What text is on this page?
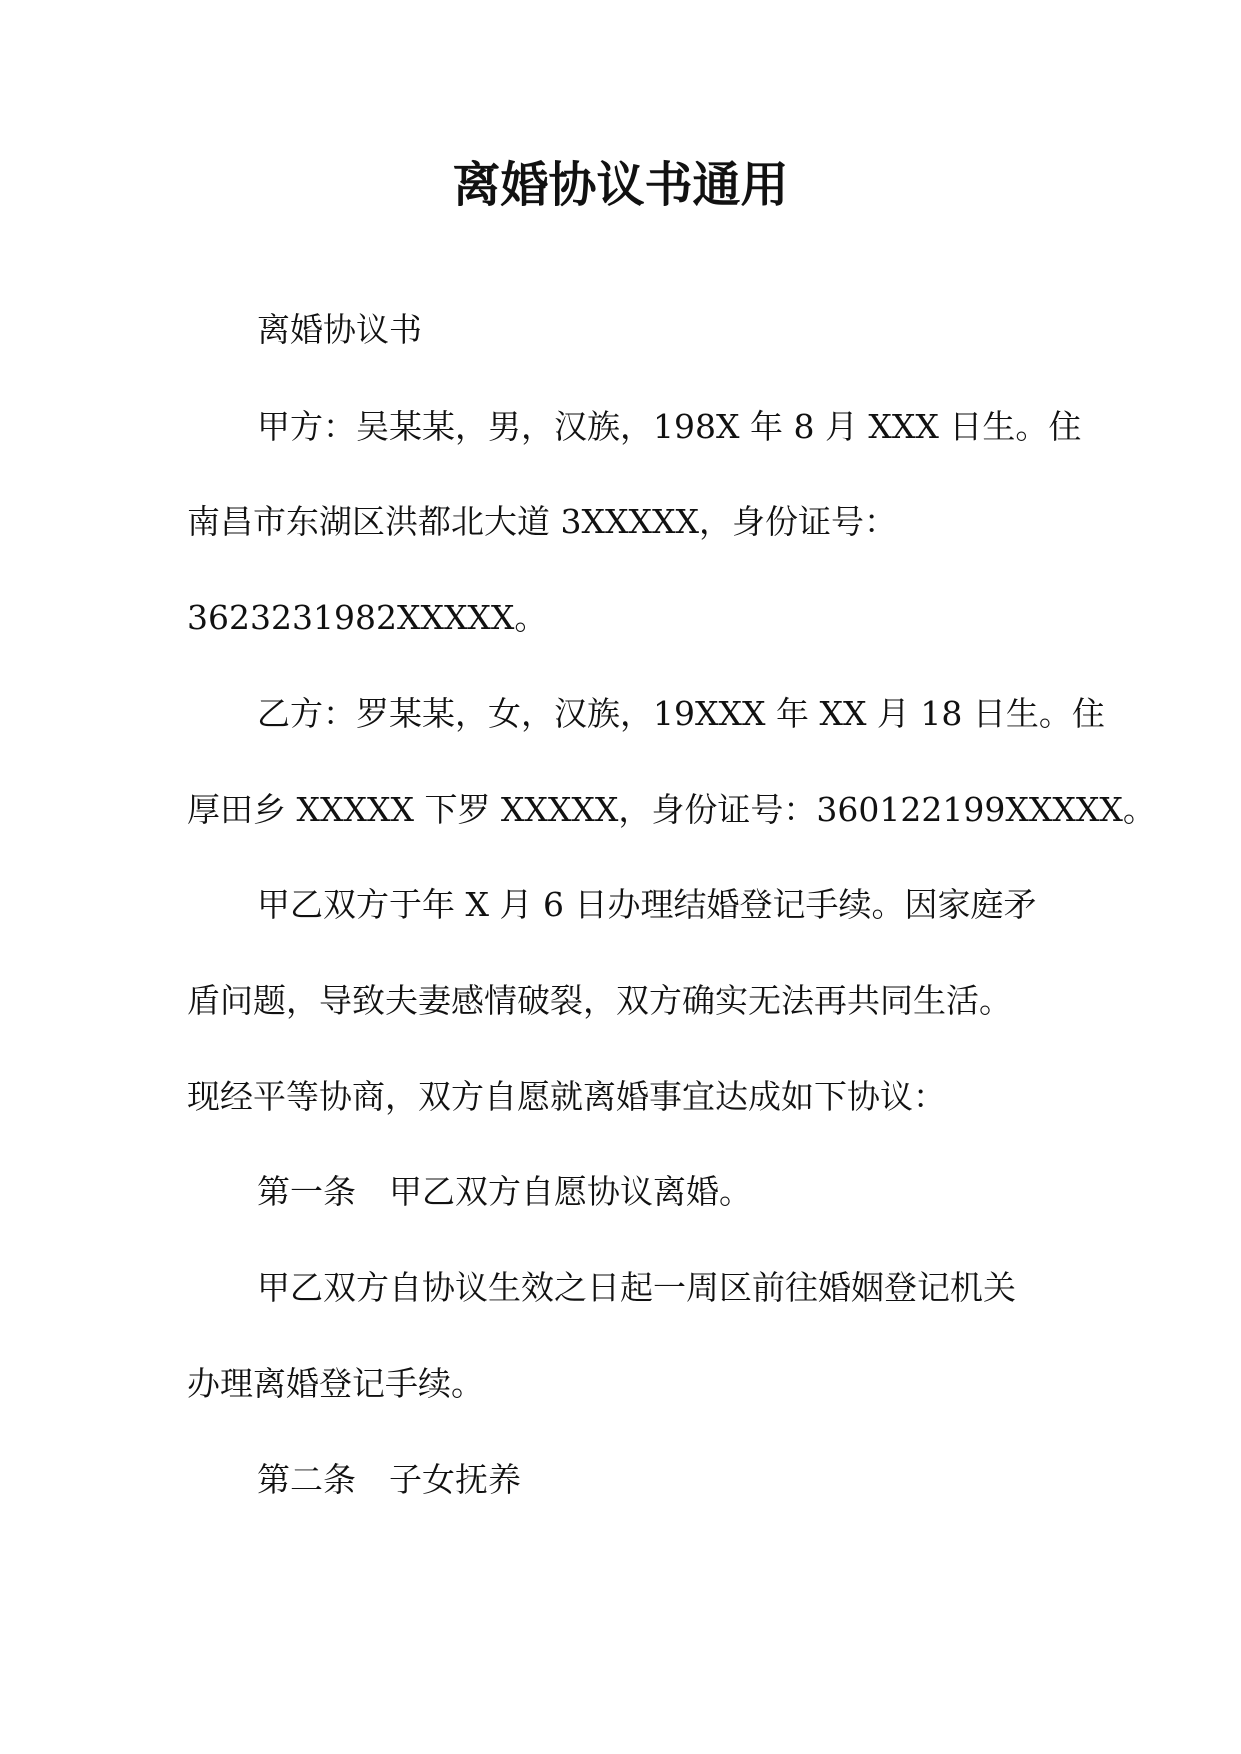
离婚协议书通用

离婚协议书

甲方：吴某某，男，汉族，198X 年 8 月 XXX 日生。住

南昌市东湖区洪都北大道 3XXXXX，身份证号：

3623231982XXXXX。

乙方：罗某某，女，汉族，19XXX 年 XX 月 18 日生。住

厚田乡 XXXXX 下罗 XXXXX，身份证号：360122199XXXXX。

甲乙双方于年 X 月 6 日办理结婚登记手续。因家庭矛

盾问题，导致夫妻感情破裂，双方确实无法再共同生活。

现经平等协商，双方自愿就离婚事宜达成如下协议：

第一条　甲乙双方自愿协议离婚。

甲乙双方自协议生效之日起一周区前往婚姻登记机关

办理离婚登记手续。

第二条　子女抚养
